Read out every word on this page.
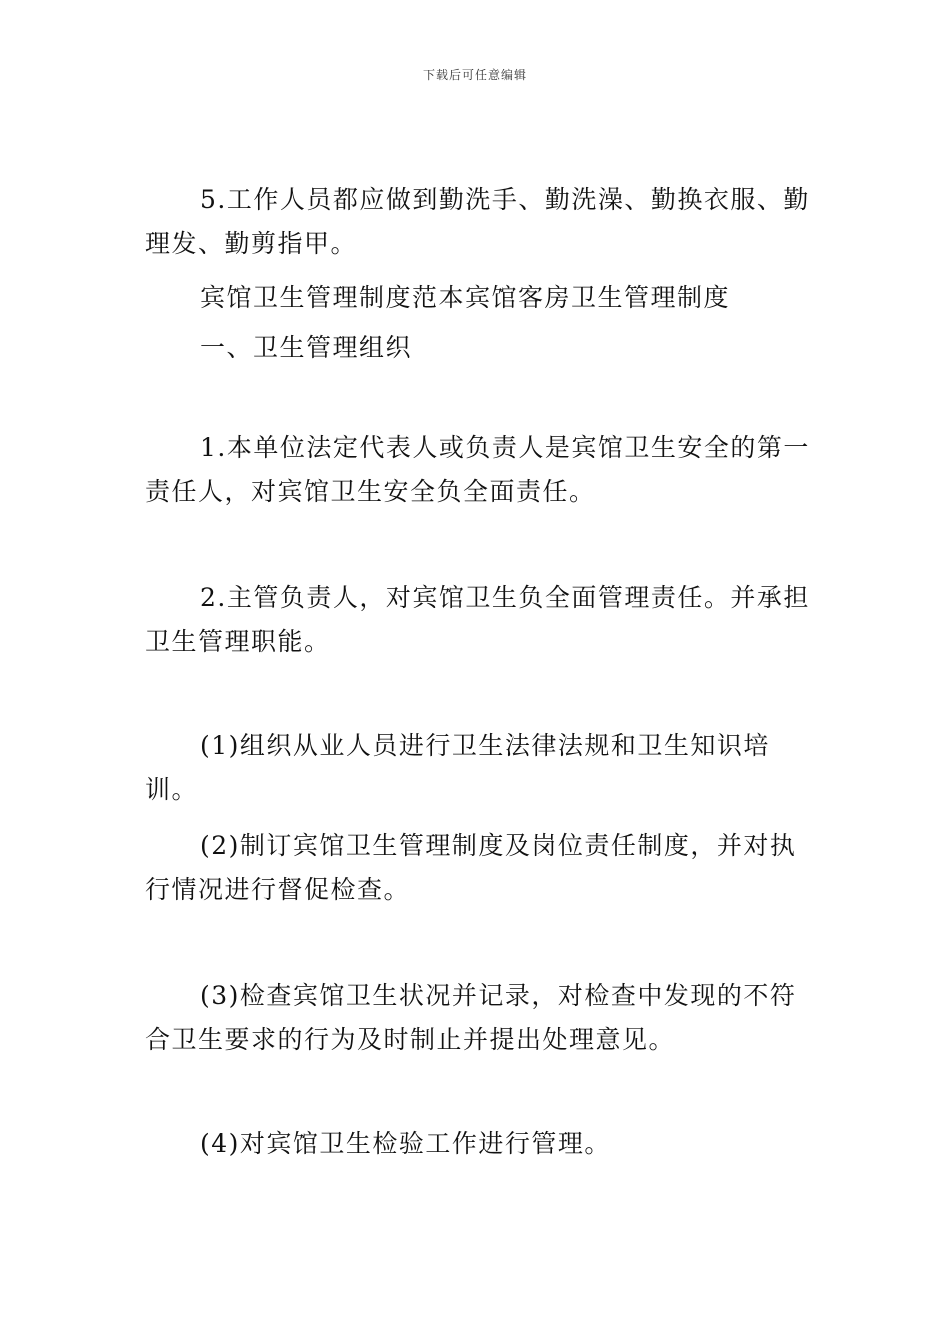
下载后可任意编辑

5.工作人员都应做到勤洗手、勤洗澡、勤换衣服、勤理发、勤剪指甲。

宾馆卫生管理制度范本宾馆客房卫生管理制度

一、卫生管理组织

1.本单位法定代表人或负责人是宾馆卫生安全的第一责任人，对宾馆卫生安全负全面责任。

2.主管负责人，对宾馆卫生负全面管理责任。并承担卫生管理职能。

(1)组织从业人员进行卫生法律法规和卫生知识培训。

(2)制订宾馆卫生管理制度及岗位责任制度，并对执行情况进行督促检查。

(3)检查宾馆卫生状况并记录，对检查中发现的不符合卫生要求的行为及时制止并提出处理意见。

(4)对宾馆卫生检验工作进行管理。
